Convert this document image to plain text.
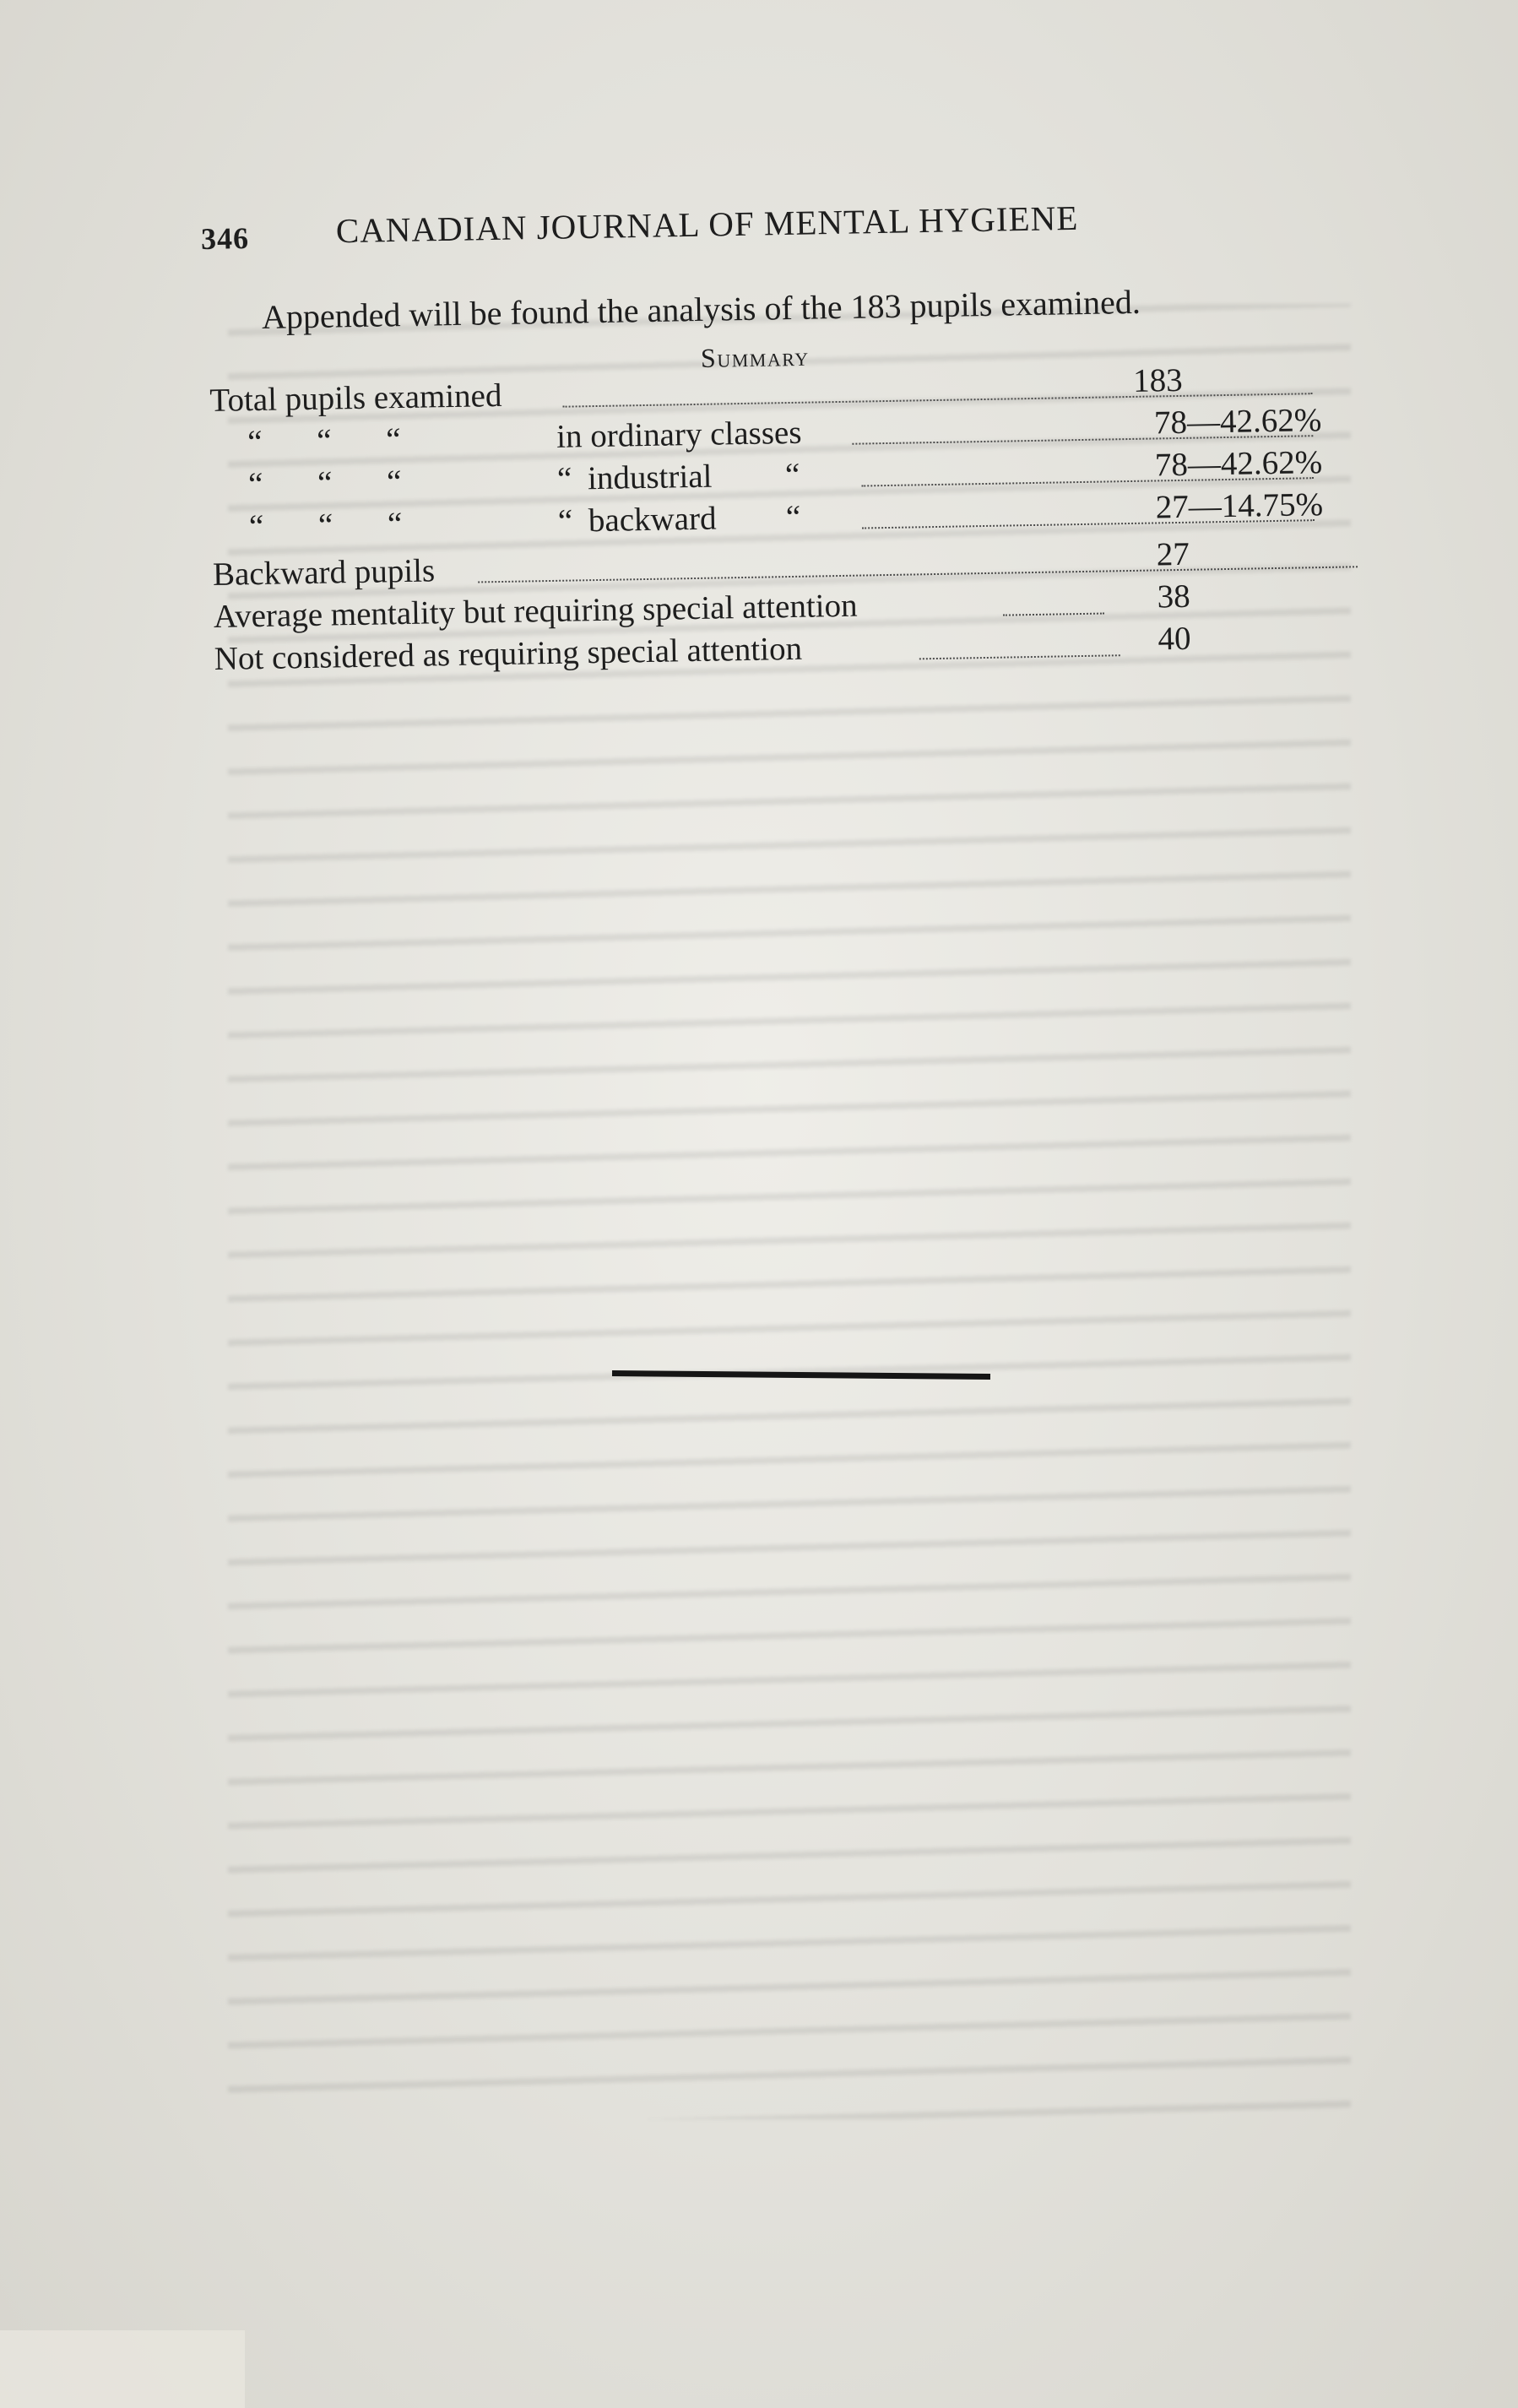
346 CANADIAN JOURNAL OF MENTAL HYGIENE
Appended will be found the analysis of the 183 pupils examined.
Summary
Total pupils examined	183
“ “ “	in ordinary classes	78—42.62%
“ “ “	“ industrial “	78—42.62%
“ “ “	“ backward “	27—14.75%
Backward pupils	27
Average mentality but requiring special attention	38
Not considered as requiring special attention	40
